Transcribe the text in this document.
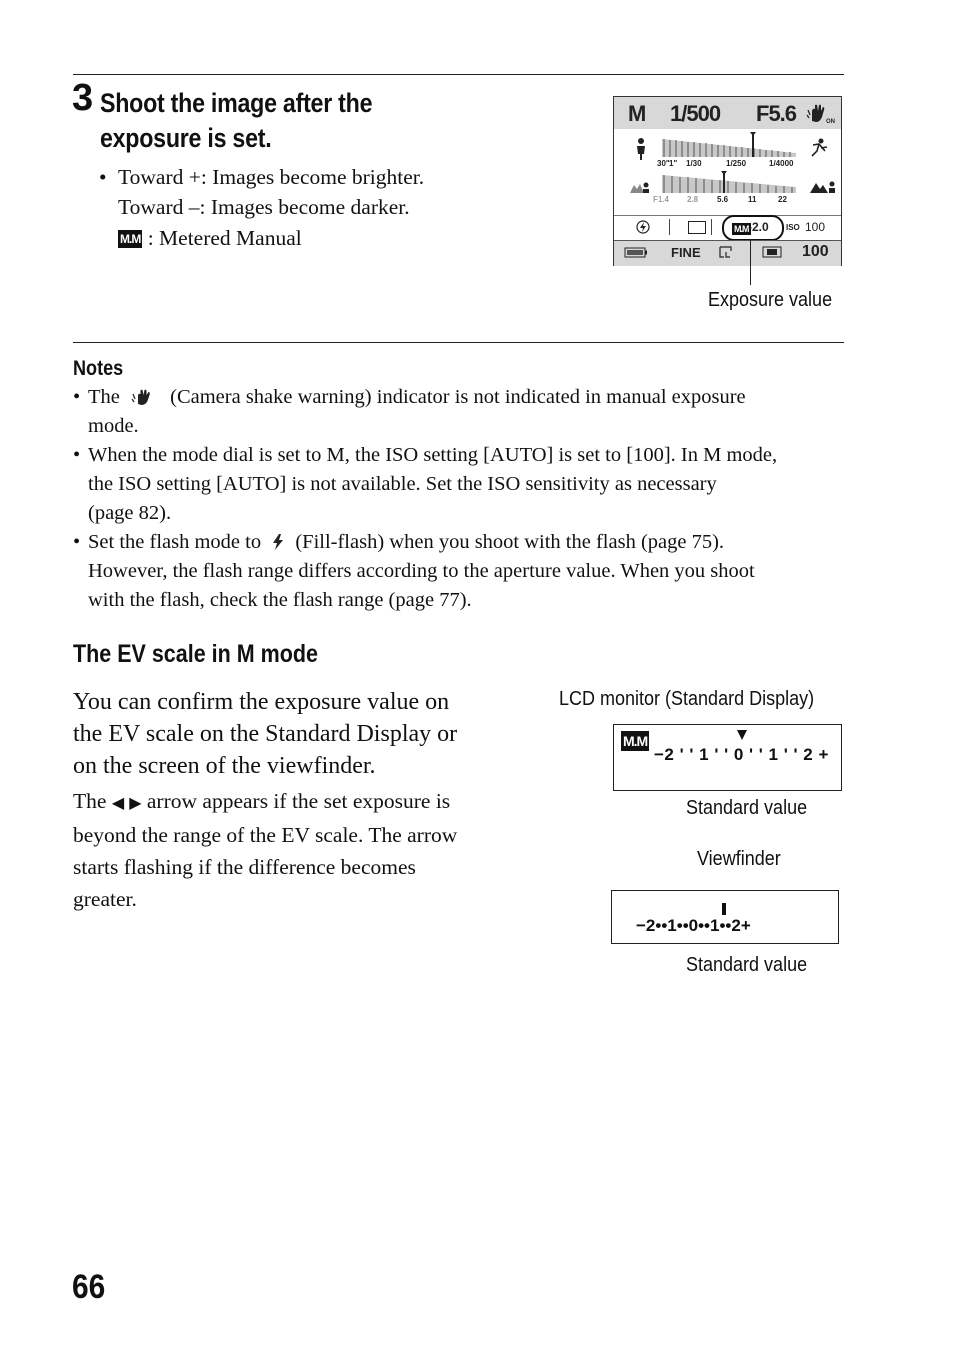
3 Shoot the image after the
exposure is set.
• Toward +: Images become brighter.
Toward –: Images become darker.
M.M : Metered Manual
M 1/500 F5.6	ON
30" 1" 1/30	1/250	1/4000
F1.4 2.8 5.6 11	22
M.M -2.0 ISO 100
FINE	100
Exposure value
Notes
• The (Camera shake warning) indicator is not indicated in manual exposure
mode.
• When the mode dial is set to M, the ISO setting [AUTO] is set to [100]. In M mode,
the ISO setting [AUTO] is not available. Set the ISO sensitivity as necessary
(page 82).
• Set the flash mode to (Fill-flash) when you shoot with the flash (page 75).
However, the flash range differs according to the aperture value. When you shoot
with the flash, check the flash range (page 77).
The EV scale in M mode
You can confirm the exposure value on
the EV scale on the Standard Display or
on the screen of the viewfinder.
The ◀ ▶ arrow appears if the set exposure is
beyond the range of the EV scale. The arrow
starts flashing if the difference becomes
greater.
LCD monitor (Standard Display)
M.M
−2 ' ' 1 ' ' 0 ' ' 1 ' ' 2 +
Standard value
Viewfinder
−2••1••0••1••2+
Standard value
66
